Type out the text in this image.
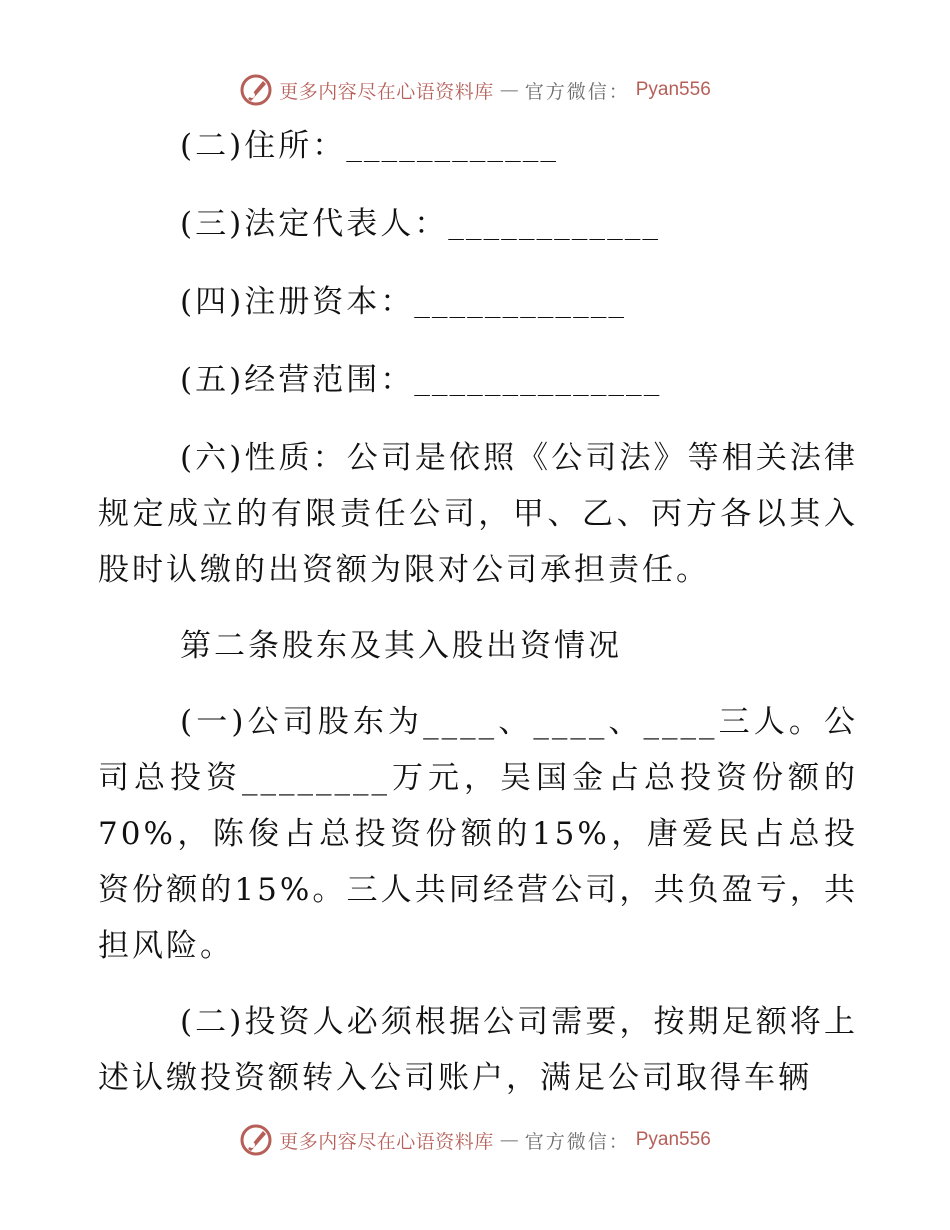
更多内容尽在心语资料库 — 官方微信： Pyan556
(二)住所：____________
(三)法定代表人：____________
(四)注册资本：____________
(五)经营范围：______________
(六)性质：公司是依照《公司法》等相关法律规定成立的有限责任公司，甲、乙、丙方各以其入股时认缴的出资额为限对公司承担责任。
第二条股东及其入股出资情况
(一)公司股东为____、____、____三人。公司总投资________万元，吴国金占总投资份额的70%，陈俊占总投资份额的15%，唐爱民占总投资份额的15%。三人共同经营公司，共负盈亏，共担风险。
(二)投资人必须根据公司需要，按期足额将上述认缴投资额转入公司账户，满足公司取得车辆
更多内容尽在心语资料库 — 官方微信： Pyan556
